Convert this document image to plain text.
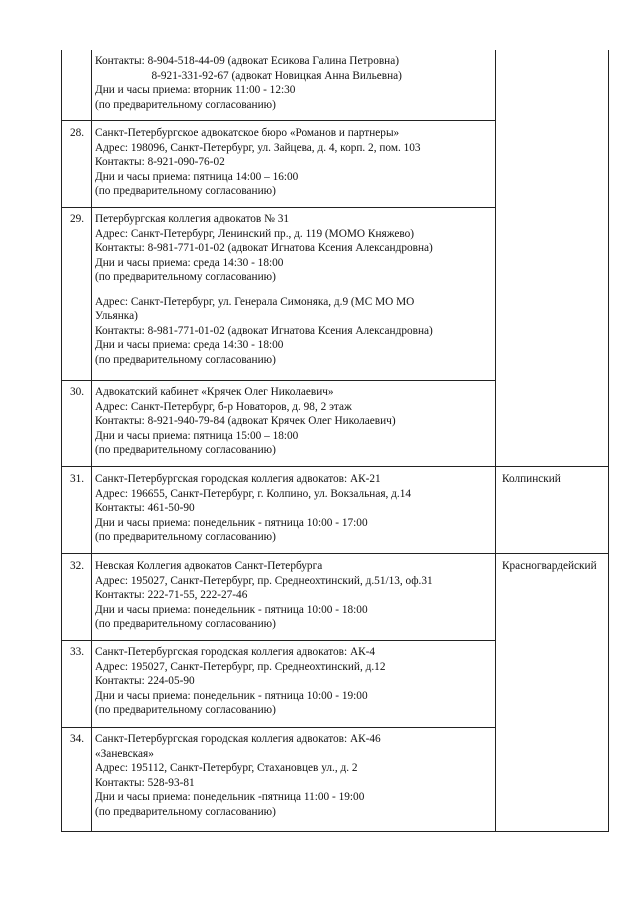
Контакты: 8-904-518-44-09 (адвокат Есикова Галина Петровна)
8-921-331-92-67 (адвокат Новицкая Анна Вильевна)
Дни и часы приема: вторник 11:00 - 12:30
(по предварительному согласованию)
28. Санкт-Петербургское адвокатское бюро «Романов и партнеры»
Адрес: 198096, Санкт-Петербург, ул. Зайцева, д. 4, корп. 2, пом. 103
Контакты: 8-921-090-76-02
Дни и часы приема: пятница 14:00 – 16:00
(по предварительному согласованию)
29. Петербургская коллегия адвокатов № 31
Адрес: Санкт-Петербург, Ленинский пр., д. 119 (МОМО Княжево)
Контакты: 8-981-771-01-02 (адвокат Игнатова Ксения Александровна)
Дни и часы приема: среда 14:30 - 18:00
(по предварительному согласованию)
Адрес: Санкт-Петербург, ул. Генерала Симоняка, д.9 (МС МО МО
Ульянка)
Контакты: 8-981-771-01-02 (адвокат Игнатова Ксения Александровна)
Дни и часы приема: среда 14:30 - 18:00
(по предварительному согласованию)
30. Адвокатский кабинет «Крячек Олег Николаевич»
Адрес: Санкт-Петербург, б-р Новаторов, д. 98, 2 этаж
Контакты: 8-921-940-79-84 (адвокат Крячек Олег Николаевич)
Дни и часы приема: пятница 15:00 – 18:00
(по предварительному согласованию)
31. Санкт-Петербургская городская коллегия адвокатов: АК-21
Адрес: 196655, Санкт-Петербург, г. Колпино, ул. Вокзальная, д.14
Контакты: 461-50-90
Дни и часы приема: понедельник - пятница 10:00 - 17:00
(по предварительному согласованию)
Колпинский
32. Невская Коллегия адвокатов Санкт-Петербурга
Адрес: 195027, Санкт-Петербург, пр. Среднеохтинский, д.51/13, оф.31
Контакты: 222-71-55, 222-27-46
Дни и часы приема: понедельник - пятница 10:00 - 18:00
(по предварительному согласованию)
Красногвардейский
33. Санкт-Петербургская городская коллегия адвокатов: АК-4
Адрес: 195027, Санкт-Петербург, пр. Среднеохтинский, д.12
Контакты: 224-05-90
Дни и часы приема: понедельник - пятница 10:00 - 19:00
(по предварительному согласованию)
34. Санкт-Петербургская городская коллегия адвокатов: АК-46
«Заневская»
Адрес: 195112, Санкт-Петербург, Стахановцев ул., д. 2
Контакты: 528-93-81
Дни и часы приема: понедельник -пятница 11:00 - 19:00
(по предварительному согласованию)
